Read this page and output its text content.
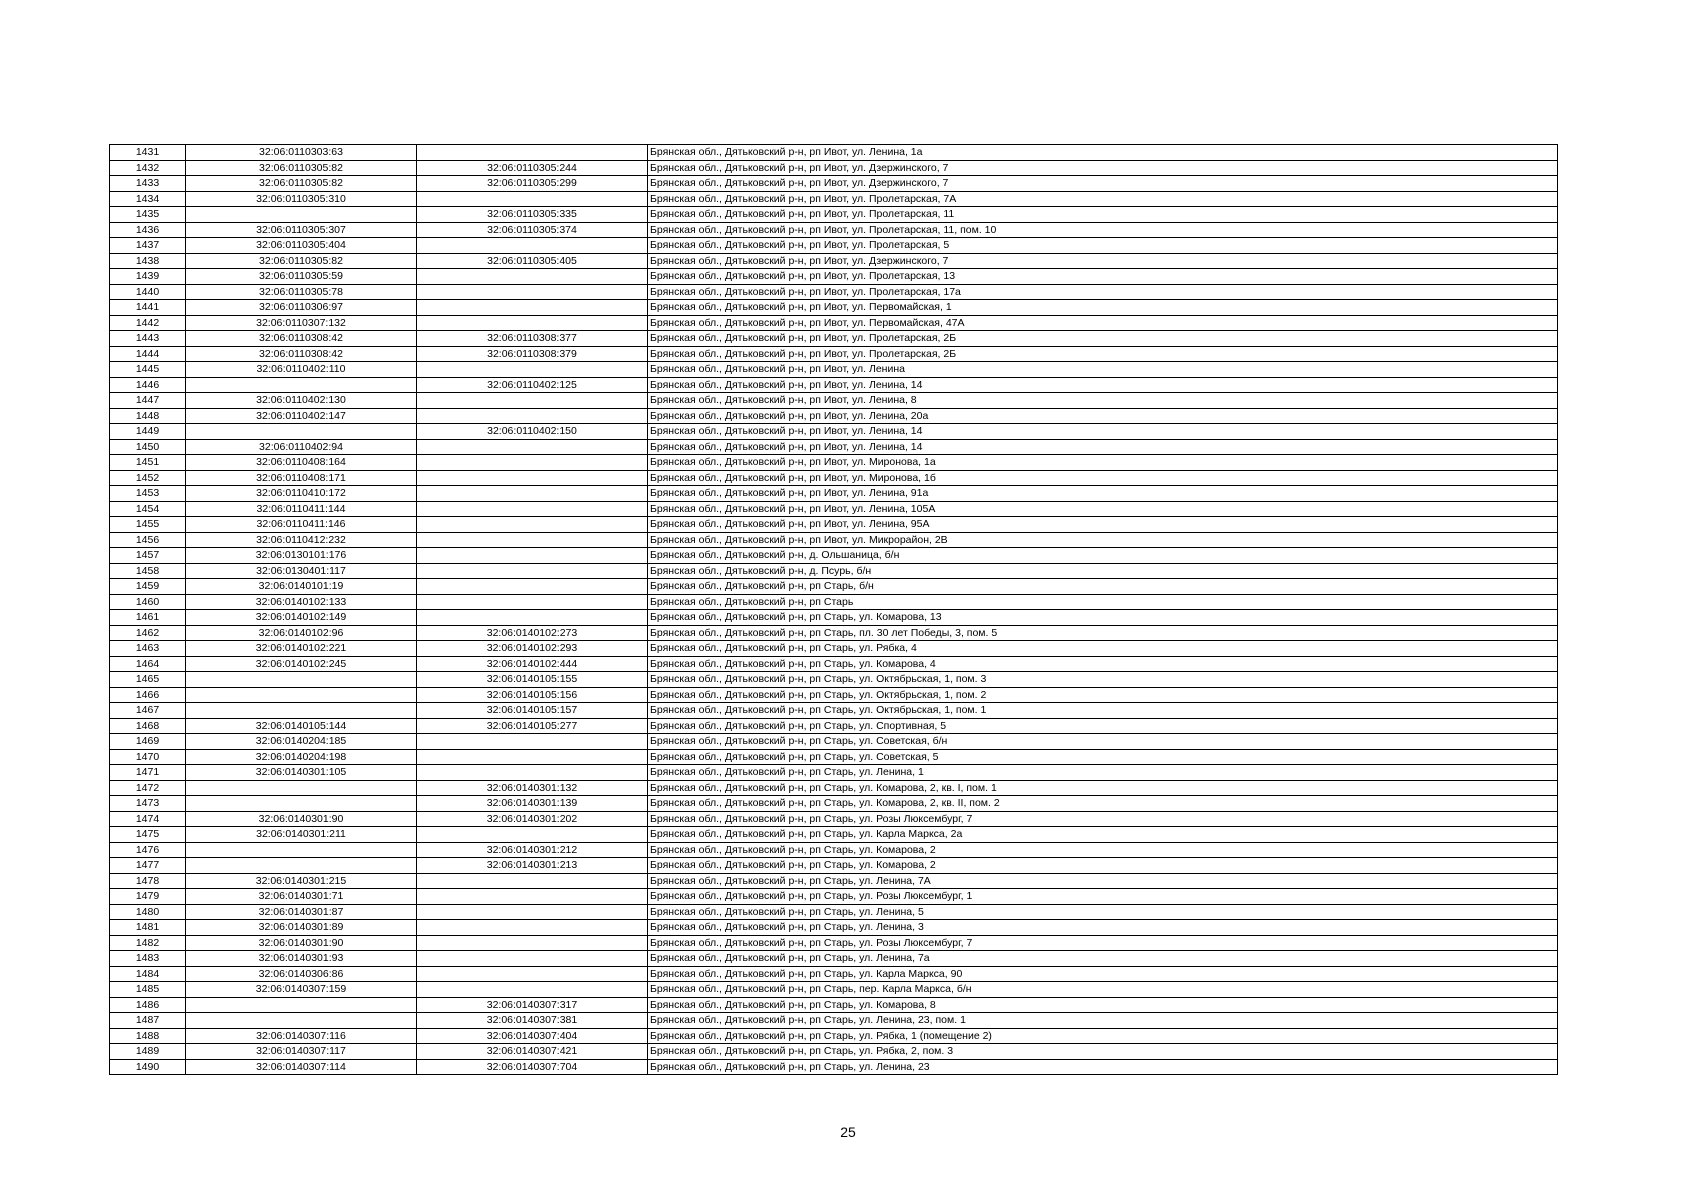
1431	32:06:0110303:63		Брянская обл., Дятьковский р-н, рп Ивот, ул. Ленина, 1а
1432	32:06:0110305:82	32:06:0110305:244	Брянская обл., Дятьковский р-н, рп Ивот, ул. Дзержинского, 7
1433	32:06:0110305:82	32:06:0110305:299	Брянская обл., Дятьковский р-н, рп Ивот, ул. Дзержинского, 7
1434	32:06:0110305:310		Брянская обл., Дятьковский р-н, рп Ивот, ул. Пролетарская, 7А
1435		32:06:0110305:335	Брянская обл., Дятьковский р-н, рп Ивот, ул. Пролетарская, 11
1436	32:06:0110305:307	32:06:0110305:374	Брянская обл., Дятьковский р-н, рп Ивот, ул. Пролетарская, 11, пом. 10
1437	32:06:0110305:404		Брянская обл., Дятьковский р-н, рп Ивот, ул. Пролетарская, 5
1438	32:06:0110305:82	32:06:0110305:405	Брянская обл., Дятьковский р-н, рп Ивот, ул. Дзержинского, 7
1439	32:06:0110305:59		Брянская обл., Дятьковский р-н, рп Ивот, ул. Пролетарская, 13
1440	32:06:0110305:78		Брянская обл., Дятьковский р-н, рп Ивот, ул. Пролетарская, 17а
1441	32:06:0110306:97		Брянская обл., Дятьковский р-н, рп Ивот, ул. Первомайская, 1
1442	32:06:0110307:132		Брянская обл., Дятьковский р-н, рп Ивот, ул. Первомайская, 47А
1443	32:06:0110308:42	32:06:0110308:377	Брянская обл., Дятьковский р-н, рп Ивот, ул. Пролетарская, 2Б
1444	32:06:0110308:42	32:06:0110308:379	Брянская обл., Дятьковский р-н, рп Ивот, ул. Пролетарская, 2Б
1445	32:06:0110402:110		Брянская обл., Дятьковский р-н, рп Ивот, ул. Ленина
1446		32:06:0110402:125	Брянская обл., Дятьковский р-н, рп Ивот, ул. Ленина, 14
1447	32:06:0110402:130		Брянская обл., Дятьковский р-н, рп Ивот, ул. Ленина, 8
1448	32:06:0110402:147		Брянская обл., Дятьковский р-н, рп Ивот, ул. Ленина, 20а
1449		32:06:0110402:150	Брянская обл., Дятьковский р-н, рп Ивот, ул. Ленина, 14
1450	32:06:0110402:94		Брянская обл., Дятьковский р-н, рп Ивот, ул. Ленина, 14
1451	32:06:0110408:164		Брянская обл., Дятьковский р-н, рп Ивот, ул. Миронова, 1а
1452	32:06:0110408:171		Брянская обл., Дятьковский р-н, рп Ивот, ул. Миронова, 1б
1453	32:06:0110410:172		Брянская обл., Дятьковский р-н, рп Ивот, ул. Ленина, 91а
1454	32:06:0110411:144		Брянская обл., Дятьковский р-н, рп Ивот, ул. Ленина, 105А
1455	32:06:0110411:146		Брянская обл., Дятьковский р-н, рп Ивот, ул. Ленина, 95А
1456	32:06:0110412:232		Брянская обл., Дятьковский р-н, рп Ивот, ул. Микрорайон, 2В
1457	32:06:0130101:176		Брянская обл., Дятьковский р-н, д. Ольшаница, б/н
1458	32:06:0130401:117		Брянская обл., Дятьковский р-н, д. Псурь, б/н
1459	32:06:0140101:19		Брянская обл., Дятьковский р-н, рп Старь, б/н
1460	32:06:0140102:133		Брянская обл., Дятьковский р-н, рп Старь
1461	32:06:0140102:149		Брянская обл., Дятьковский р-н, рп Старь, ул. Комарова, 13
1462	32:06:0140102:96	32:06:0140102:273	Брянская обл., Дятьковский р-н, рп Старь, пл. 30 лет Победы, 3, пом. 5
1463	32:06:0140102:221	32:06:0140102:293	Брянская обл., Дятьковский р-н, рп Старь, ул. Рябка, 4
1464	32:06:0140102:245	32:06:0140102:444	Брянская обл., Дятьковский р-н, рп Старь, ул. Комарова, 4
1465		32:06:0140105:155	Брянская обл., Дятьковский р-н, рп Старь, ул. Октябрьская, 1, пом. 3
1466		32:06:0140105:156	Брянская обл., Дятьковский р-н, рп Старь, ул. Октябрьская, 1, пом. 2
1467		32:06:0140105:157	Брянская обл., Дятьковский р-н, рп Старь, ул. Октябрьская, 1, пом. 1
1468	32:06:0140105:144	32:06:0140105:277	Брянская обл., Дятьковский р-н, рп Старь, ул. Спортивная, 5
1469	32:06:0140204:185		Брянская обл., Дятьковский р-н, рп Старь, ул. Советская, б/н
1470	32:06:0140204:198		Брянская обл., Дятьковский р-н, рп Старь, ул. Советская, 5
1471	32:06:0140301:105		Брянская обл., Дятьковский р-н, рп Старь, ул. Ленина, 1
1472		32:06:0140301:132	Брянская обл., Дятьковский р-н, рп Старь, ул. Комарова, 2, кв. I, пом. 1
1473		32:06:0140301:139	Брянская обл., Дятьковский р-н, рп Старь, ул. Комарова, 2, кв. II, пом. 2
1474	32:06:0140301:90	32:06:0140301:202	Брянская обл., Дятьковский р-н, рп Старь, ул. Розы Люксембург, 7
1475	32:06:0140301:211		Брянская обл., Дятьковский р-н, рп Старь, ул. Карла Маркса, 2а
1476		32:06:0140301:212	Брянская обл., Дятьковский р-н, рп Старь, ул. Комарова, 2
1477		32:06:0140301:213	Брянская обл., Дятьковский р-н, рп Старь, ул. Комарова, 2
1478	32:06:0140301:215		Брянская обл., Дятьковский р-н, рп Старь, ул. Ленина, 7А
1479	32:06:0140301:71		Брянская обл., Дятьковский р-н, рп Старь, ул. Розы Люксембург, 1
1480	32:06:0140301:87		Брянская обл., Дятьковский р-н, рп Старь, ул. Ленина, 5
1481	32:06:0140301:89		Брянская обл., Дятьковский р-н, рп Старь, ул. Ленина, 3
1482	32:06:0140301:90		Брянская обл., Дятьковский р-н, рп Старь, ул. Розы Люксембург, 7
1483	32:06:0140301:93		Брянская обл., Дятьковский р-н, рп Старь, ул. Ленина, 7а
1484	32:06:0140306:86		Брянская обл., Дятьковский р-н, рп Старь, ул. Карла Маркса, 90
1485	32:06:0140307:159		Брянская обл., Дятьковский р-н, рп Старь, пер. Карла Маркса, б/н
1486		32:06:0140307:317	Брянская обл., Дятьковский р-н, рп Старь, ул. Комарова, 8
1487		32:06:0140307:381	Брянская обл., Дятьковский р-н, рп Старь, ул. Ленина, 23, пом. 1
1488	32:06:0140307:116	32:06:0140307:404	Брянская обл., Дятьковский р-н, рп Старь, ул. Рябка, 1 (помещение 2)
1489	32:06:0140307:117	32:06:0140307:421	Брянская обл., Дятьковский р-н, рп Старь, ул. Рябка, 2, пом. 3
1490	32:06:0140307:114	32:06:0140307:704	Брянская обл., Дятьковский р-н, рп Старь, ул. Ленина, 23
25
